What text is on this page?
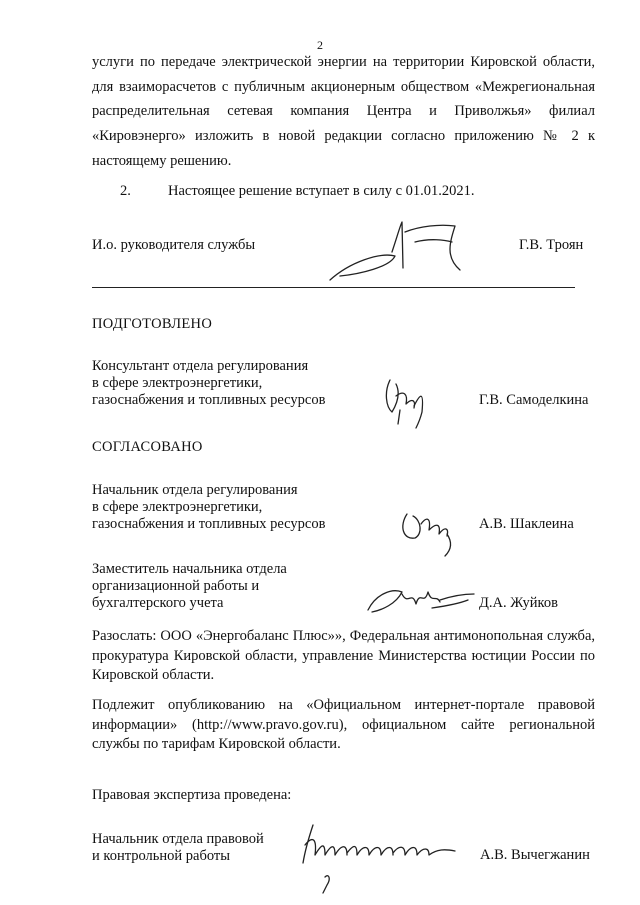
2
услуги по передаче электрической энергии на территории Кировской области, для взаиморасчетов с публичным акционерным обществом «Межрегиональная распределительная сетевая компания Центра и Приволжья» филиал «Кировэнерго» изложить в новой редакции согласно приложению № 2 к настоящему решению.
2.	Настоящее решение вступает в силу с 01.01.2021.
И.о. руководителя службы	Г.В. Троян
ПОДГОТОВЛЕНО
Консультант отдела регулирования
в сфере электроэнергетики,
газоснабжения и топливных ресурсов	Г.В. Самоделкина
СОГЛАСОВАНО
Начальник отдела регулирования
в сфере электроэнергетики,
газоснабжения и топливных ресурсов	А.В. Шаклеина
Заместитель начальника отдела
организационной работы и
бухгалтерского учета	Д.А. Жуйков
Разослать: ООО «Энергобаланс Плюс»», Федеральная антимонопольная служба, прокуратура Кировской области, управление Министерства юстиции России по Кировской области.
Подлежит опубликованию на «Официальном интернет-портале правовой информации» (http://www.pravo.gov.ru), официальном сайте региональной службы по тарифам Кировской области.
Правовая экспертиза проведена:
Начальник отдела правовой
и контрольной работы	А.В. Вычегжанин
